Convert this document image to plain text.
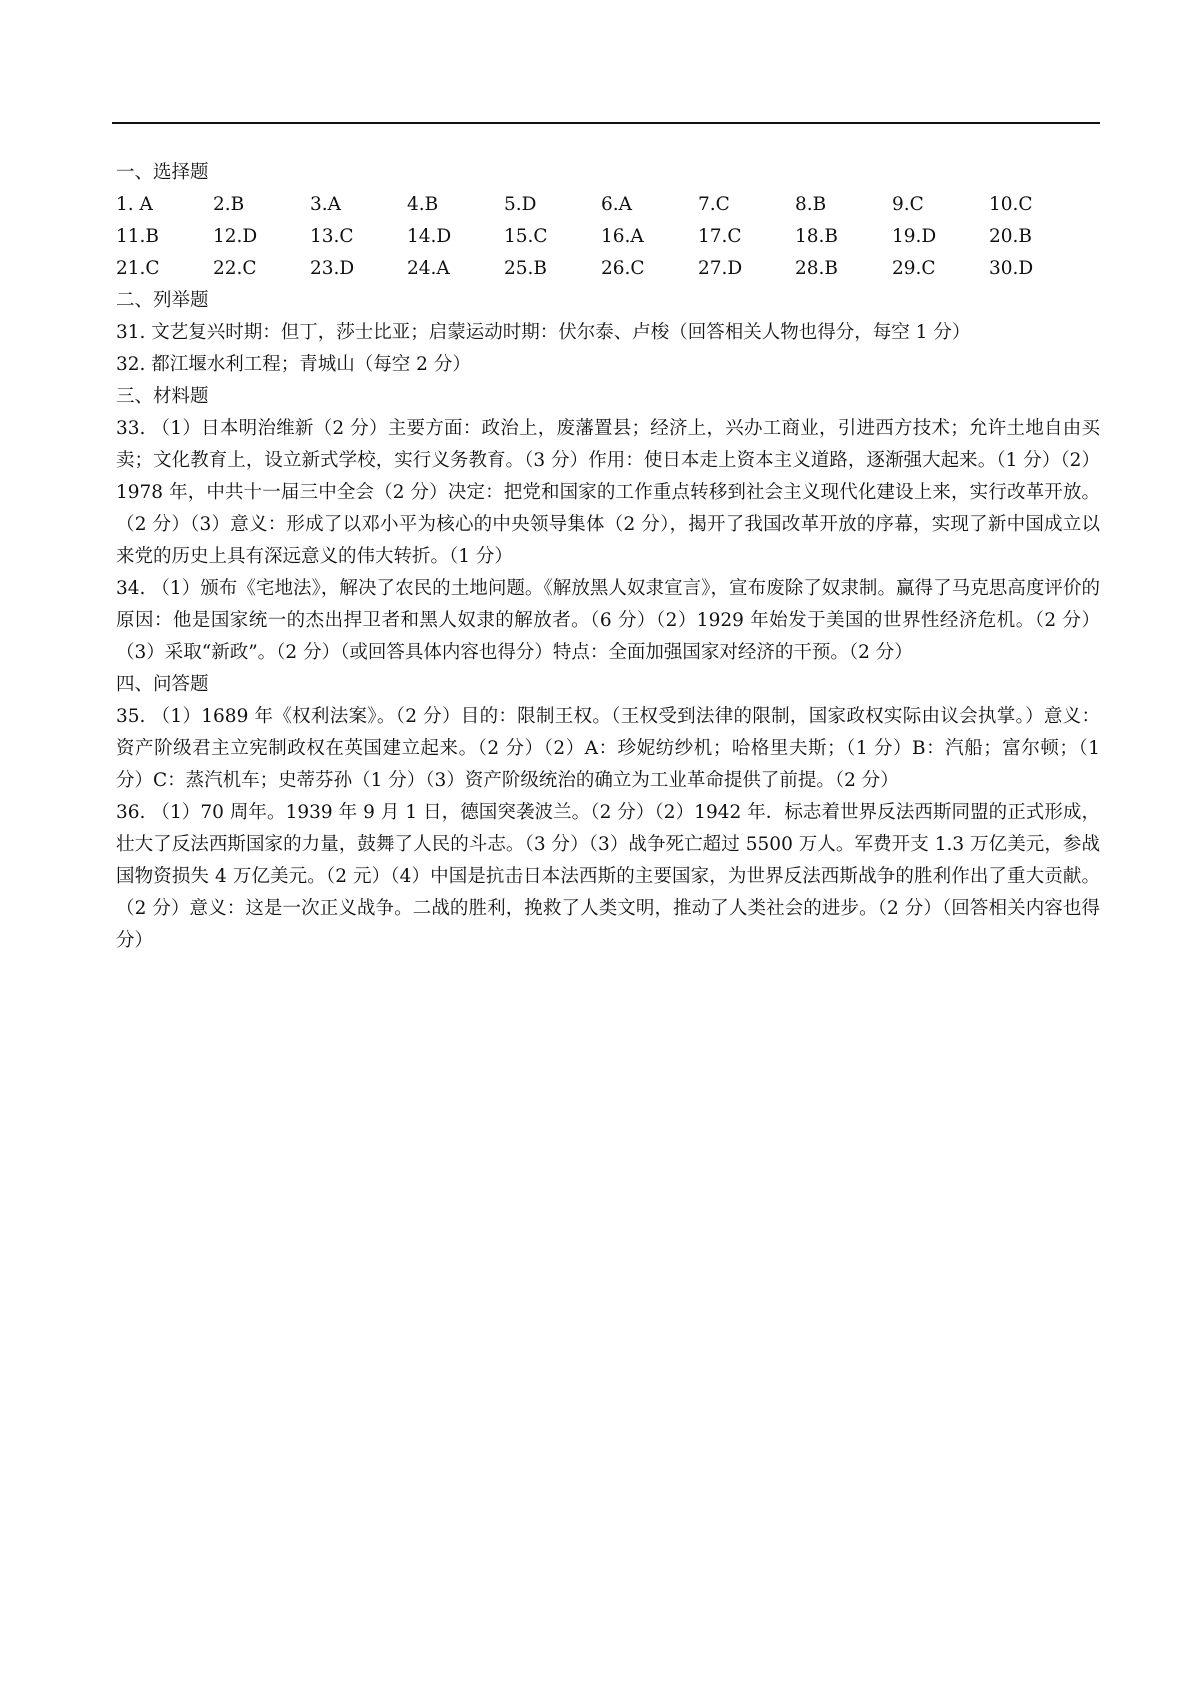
一、选择题
1. A	2.B	3.A	4.B	5.D	6.A	7.C	8.B	9.C	10.C
11.B	12.D	13.C	14.D	15.C	16.A	17.C	18.B	19.D	20.B
21.C	22.C	23.D	24.A	25.B	26.C	27.D	28.B	29.C	30.D
二、列举题
31. 文艺复兴时期：但丁，莎士比亚；启蒙运动时期：伏尔泰、卢梭（回答相关人物也得分，每空 1 分）
32. 都江堰水利工程；青城山（每空 2 分）
三、材料题
33. （1）日本明治维新（2 分）主要方面：政治上，废藩置县；经济上，兴办工商业，引进西方技术；允许土地自由买卖；文化教育上，设立新式学校，实行义务教育。（3 分）作用：使日本走上资本主义道路，逐渐强大起来。（1 分）（2）1978 年，中共十一届三中全会（2 分）决定：把党和国家的工作重点转移到社会主义现代化建设上来，实行改革开放。（2 分）（3）意义：形成了以邓小平为核心的中央领导集体（2 分），揭开了我国改革开放的序幕，实现了新中国成立以来党的历史上具有深远意义的伟大转折。（1 分）
34. （1）颁布《宅地法》，解决了农民的土地问题。《解放黑人奴隶宣言》，宣布废除了奴隶制。赢得了马克思高度评价的原因：他是国家统一的杰出捍卫者和黑人奴隶的解放者。（6 分）（2）1929 年始发于美国的世界性经济危机。（2 分）（3）采取“新政”。（2 分）（或回答具体内容也得分）特点：全面加强国家对经济的干预。（2 分）
四、问答题
35. （1）1689 年《权利法案》。（2 分）目的：限制王权。（王权受到法律的限制，国家政权实际由议会执掌。）意义：资产阶级君主立宪制政权在英国建立起来。（2 分）（2）A：珍妮纺纱机；哈格里夫斯；（1 分）B：汽船；富尔顿；（1 分）C：蒸汽机车；史蒂芬孙（1 分）（3）资产阶级统治的确立为工业革命提供了前提。（2 分）
36. （1）70 周年。1939 年 9 月 1 日，德国突袭波兰。（2 分）（2）1942 年．标志着世界反法西斯同盟的正式形成，壮大了反法西斯国家的力量，鼓舞了人民的斗志。（3 分）（3）战争死亡超过 5500 万人。军费开支 1.3 万亿美元，参战国物资损失 4 万亿美元。（2 元）（4）中国是抗击日本法西斯的主要国家，为世界反法西斯战争的胜利作出了重大贡献。（2 分）意义：这是一次正义战争。二战的胜利，挽救了人类文明，推动了人类社会的进步。（2 分）（回答相关内容也得分）
